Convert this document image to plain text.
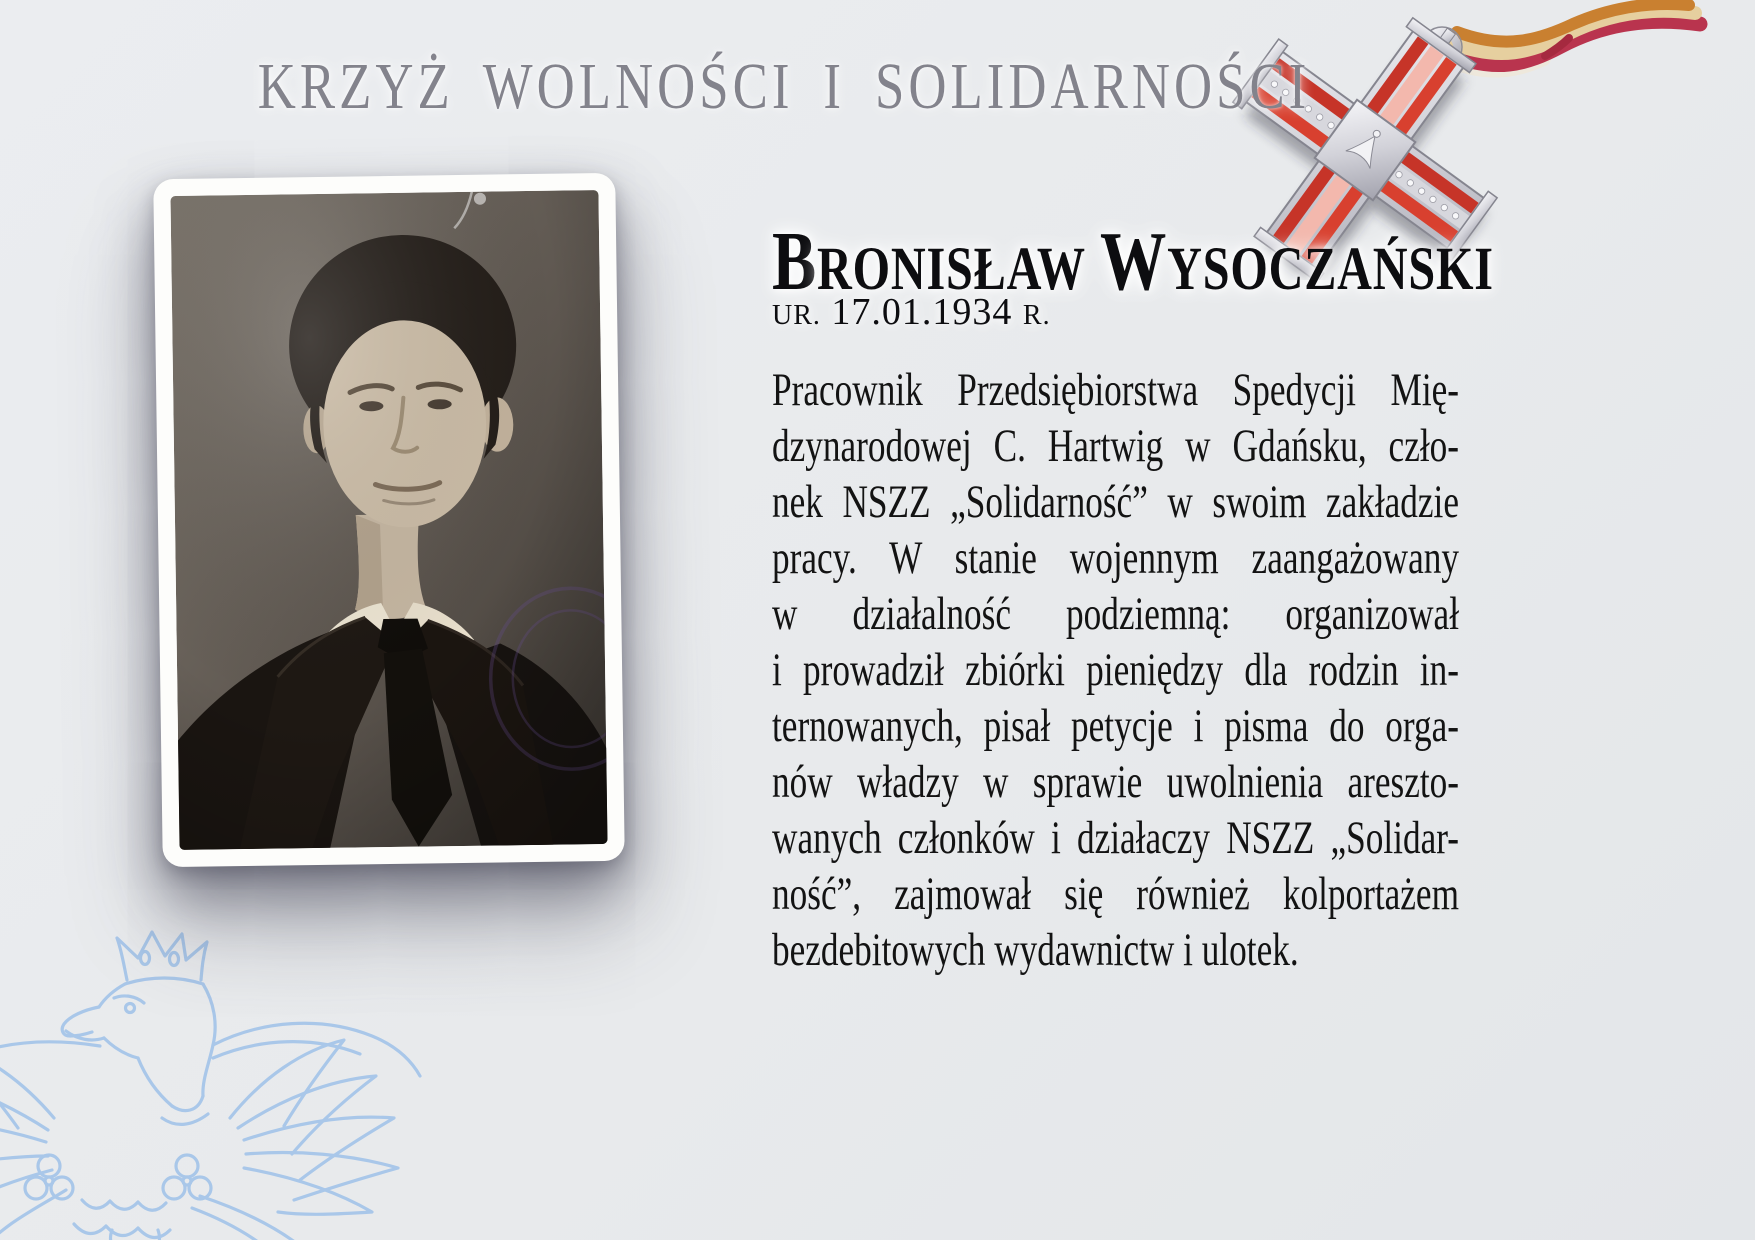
KRZYŻ WOLNOŚCI I SOLIDARNOŚCI
BRONISŁAW WYSOCZAŃSKI
UR. 17.01.1934 R.
Pracownik Przedsiębiorstwa Spedycji Mię-
dzynarodowej C. Hartwig w Gdańsku, czło-
nek NSZZ „Solidarność” w swoim zakładzie
pracy. W stanie wojennym zaangażowany
w działalność podziemną: organizował
i prowadził zbiórki pieniędzy dla rodzin in-
ternowanych, pisał petycje i pisma do orga-
nów władzy w sprawie uwolnienia areszto-
wanych członków i działaczy NSZZ „Solidar-
ność”, zajmował się również kolportażem
bezdebitowych wydawnictw i ulotek.
